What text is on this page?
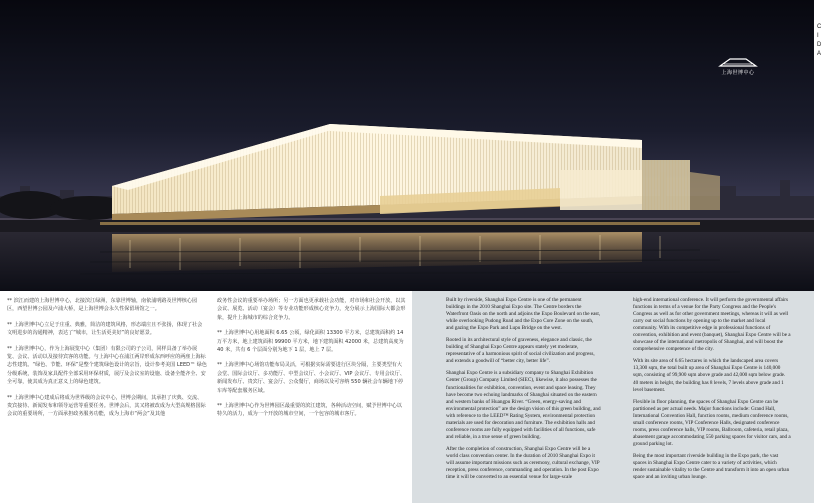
上海世博中心
C
I
D
A

** 滨江而建的上海世博中心，北接滨江绿洲，东靠世博轴，南依浦明路及世博核心园区，西望世博公园及卢浦大桥，是上海世博会永久性保留场馆之一。

** 上海世博中心立足于庄重、典雅，简洁的建筑风格，形态端庄且不张扬，体现了社会文明进步的沟通精神，表达了“城市，让生活更美好”的良好愿景。

** 上海世博中心，作为上海展览中心（集团）有限公司的子公司，同样具备了举办展览、会议、活动以及接待宾客的功能。与上海中心在浦江两岸形成东西呼应的两座上海标志性建筑。“绿色、节能、环保”是整个建筑绿色设计的宗旨，设计参考美国 LEED™ 绿色分级系统，装饰及家具配件全部采用环保材质，展厅及会议室的设施、设备全能齐全、安全可靠，使其成为真正意义上的绿色建筑。

** 上海世博中心建成后将成为世界级的会议中心，世博会期间，其承担了庆典、交流、贵宾接待、新闻发布和领导运营等重要任务。世博会后，其又将被改成为大型高规格国际会议的重要场所，一方面承担政务服务功能，成为上海市“两会”及其他

政务性会议的重要举办场所；另一方面也更承载社会功能，对市场和社会开放，以其会议、展览、活动（宴会）等专业功能形成核心竞争力，充分展示上海国际大都会形象，提升上海城市的综合竞争力。

** 上海世博中心用地面积 6.65 公顷，绿化面积 13300 平方米，总建筑面积约 14 万平方米，地上建筑面积 99900 平方米，地下建筑面积 42000 米，总建筑高度为 40 米，共有 6 个层面分别为地下 1 层，地上 7 层。

** 上海世博中心场馆功能布局灵活，可根据实际需要进行区块分隔，主要类型有大会堂、国际会议厅、多功能厅、中型会议厅、小会议厅、VIP 会议厅、专用会议厅、新闻发布厅、贵宾厅、宴会厅、公众餐厅，商场以及可容纳 550 辆社会车辆地下停车库等配套服务区域。

** 上海世博中心作为世博园区最重要的滨江建筑，各种活动空间，赋予世博中心以特久的活力，成为一个开放的城市空间，一个包容的城市客厅。

Built by riverside, Shanghai Expo Centre is one of the permanent buildings in the 2010 Shanghai Expo site. The Centre borders the Waterfront Oasis on the north and adjoins the Expo Boulevard on the east, while overlooking Pudong Road and the Expo Core Zone on the south, and gazing the Expo Park and Lupu Bridge on the west.

Rooted in its architectural style of graveness, elegance and classic, the building of Shanghai Expo Centre appears stately yet moderate, representative of a harmonious spirit of social civilization and progress, and extends a goodwill of “better city, better life”.

Shanghai Expo Centre is a subsidiary company to Shanghai Exhibition Center (Group) Company Limited (SIEC), likewise, it also possesses the functionalities for exhibition, convention, event and space leasing. They have become two echoing landmarks of Shanghai situated on the eastern and western banks of Huangpu River. “Green, energy-saving and environmental protection” are the design vision of this green building, and with reference to the LEED™ Rating System, environmental protection materials are used for decoration and furniture. The exhibition halls and conference rooms are fully equipped with facilities of all functions, safe and reliable, in a true sense of green building.

After the completion of construction, Shanghai Expo Centre will be a world class convention center. In the duration of 2010 Shanghai Expo it will assume important missions such as ceremony, cultural exchange, VIP reception, press conference, commanding and operation. In the post Expo time it will be converted to an essential venue for large-scale

high-end international conference. It will perform the governmental affairs functions in terms of a venue for the Party Congress and the People's Congress as well as for other government meetings, whereas it will as well carry out social functions by opening up to the market and local community. With its competitive edge in professional functions of convention, exhibition and event (banquet), Shanghai Expo Centre will be a showcase of the international metropolis of Shanghai, and will boost the comprehensive competence of the city.

With its site area of 6.65 hectares in which the landscaped area covers 13,300 sqm, the total built up area of Shanghai Expo Centre is 140,000 sqm, consisting of 99,900 sqm above grade and 42,000 sqm below grade. 40 meters in height, the building has 8 levels, 7 levels above grade and 1 level basement.

Flexible in floor planning, the spaces of Shanghai Expo Centre can be partitioned as per actual needs. Major functions include: Grand Hall, International Convention Hall, function rooms, medium conference rooms, small conference rooms, VIP Conference Halls, designated conference rooms, press conference halls, VIP rooms, Ballroom, cafeteria, retail plaza, abasement garage accommodating 550 parking spaces for visitor cars, and a ground parking lot.

Being the most important riverside building in the Expo park, the vast spaces in Shanghai Expo Centre cater to a variety of activities, which render sustainable vitality to the Centre and transform it into an open urban space and an inviting urban lounge.
